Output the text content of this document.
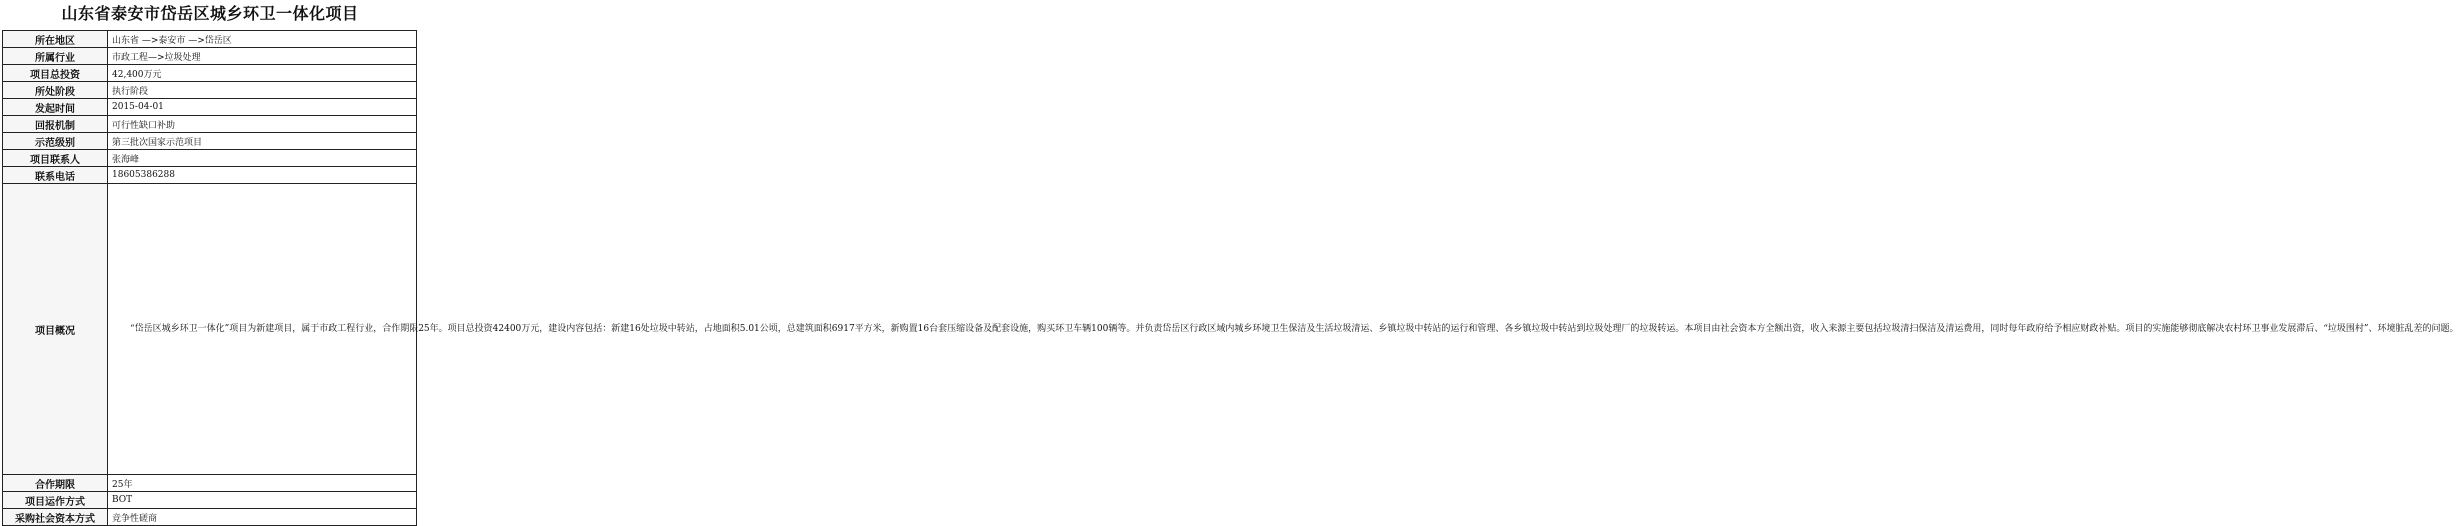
山东省泰安市岱岳区城乡环卫一体化项目
所在地区	山东省 —>泰安市 —>岱岳区
所属行业	市政工程—>垃圾处理
项目总投资	42,400万元
所处阶段	执行阶段
发起时间	2015-04-01
回报机制	可行性缺口补助
示范级别	第三批次国家示范项目
项目联系人	张海峰
联系电话	18605386288
项目概况	“岱岳区城乡环卫一体化”项目为新建项目，属于市政工程行业，合作期限25年。项目总投资42400万元，建设内容包括：新建16处垃圾中转站，占地面积5.01公顷，总建筑面积6917平方米，新购置16台套压缩设备及配套设施，购买环卫车辆100辆等。并负责岱岳区行政区域内城乡环境卫生保洁及生活垃圾清运、乡镇垃圾中转站的运行和管理、各乡镇垃圾中转站到垃圾处理厂的垃圾转运。本项目由社会资本方全额出资，收入来源主要包括垃圾清扫保洁及清运费用，同时每年政府给予相应财政补贴。项目的实施能够彻底解决农村环卫事业发展滞后、“垃圾围村”、环境脏乱差的问题。
合作期限	25年
项目运作方式	BOT
采购社会资本方式	竞争性磋商
